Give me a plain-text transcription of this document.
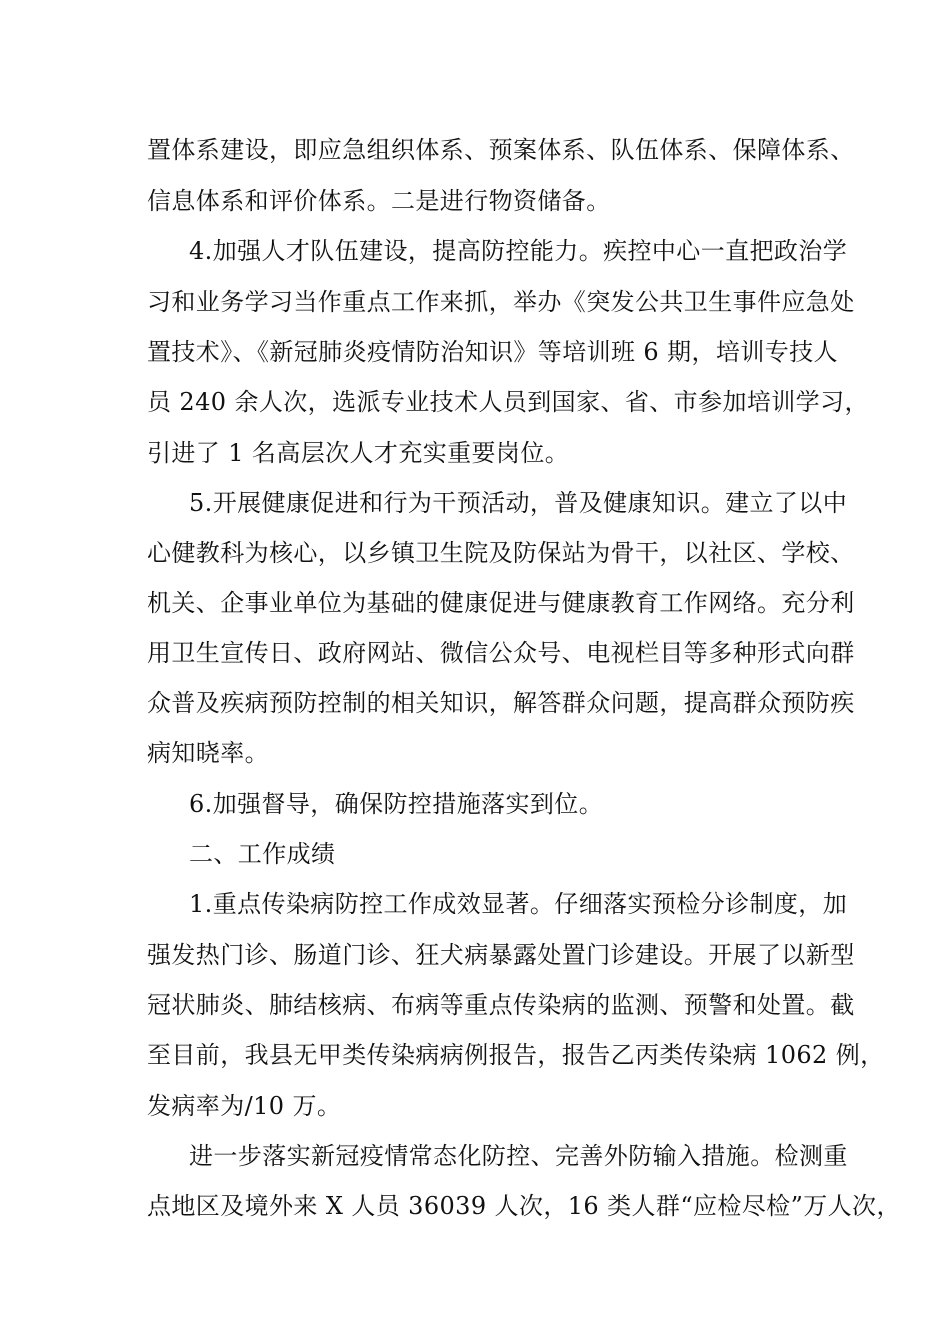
置体系建设，即应急组织体系、预案体系、队伍体系、保障体系、
信息体系和评价体系。二是进行物资储备。
4.加强人才队伍建设，提高防控能力。疾控中心一直把政治学
习和业务学习当作重点工作来抓，举办《突发公共卫生事件应急处
置技术》、《新冠肺炎疫情防治知识》等培训班 6 期，培训专技人
员 240 余人次，选派专业技术人员到国家、省、市参加培训学习，
引进了 1 名高层次人才充实重要岗位。
5.开展健康促进和行为干预活动，普及健康知识。建立了以中
心健教科为核心，以乡镇卫生院及防保站为骨干，以社区、学校、
机关、企事业单位为基础的健康促进与健康教育工作网络。充分利
用卫生宣传日、政府网站、微信公众号、电视栏目等多种形式向群
众普及疾病预防控制的相关知识，解答群众问题，提高群众预防疾
病知晓率。
6.加强督导，确保防控措施落实到位。
二、工作成绩
1.重点传染病防控工作成效显著。仔细落实预检分诊制度，加
强发热门诊、肠道门诊、狂犬病暴露处置门诊建设。开展了以新型
冠状肺炎、肺结核病、布病等重点传染病的监测、预警和处置。截
至目前，我县无甲类传染病病例报告，报告乙丙类传染病 1062 例，
发病率为/10 万。
进一步落实新冠疫情常态化防控、完善外防输入措施。检测重
点地区及境外来 X 人员 36039 人次，16 类人群“应检尽检”万人次，
